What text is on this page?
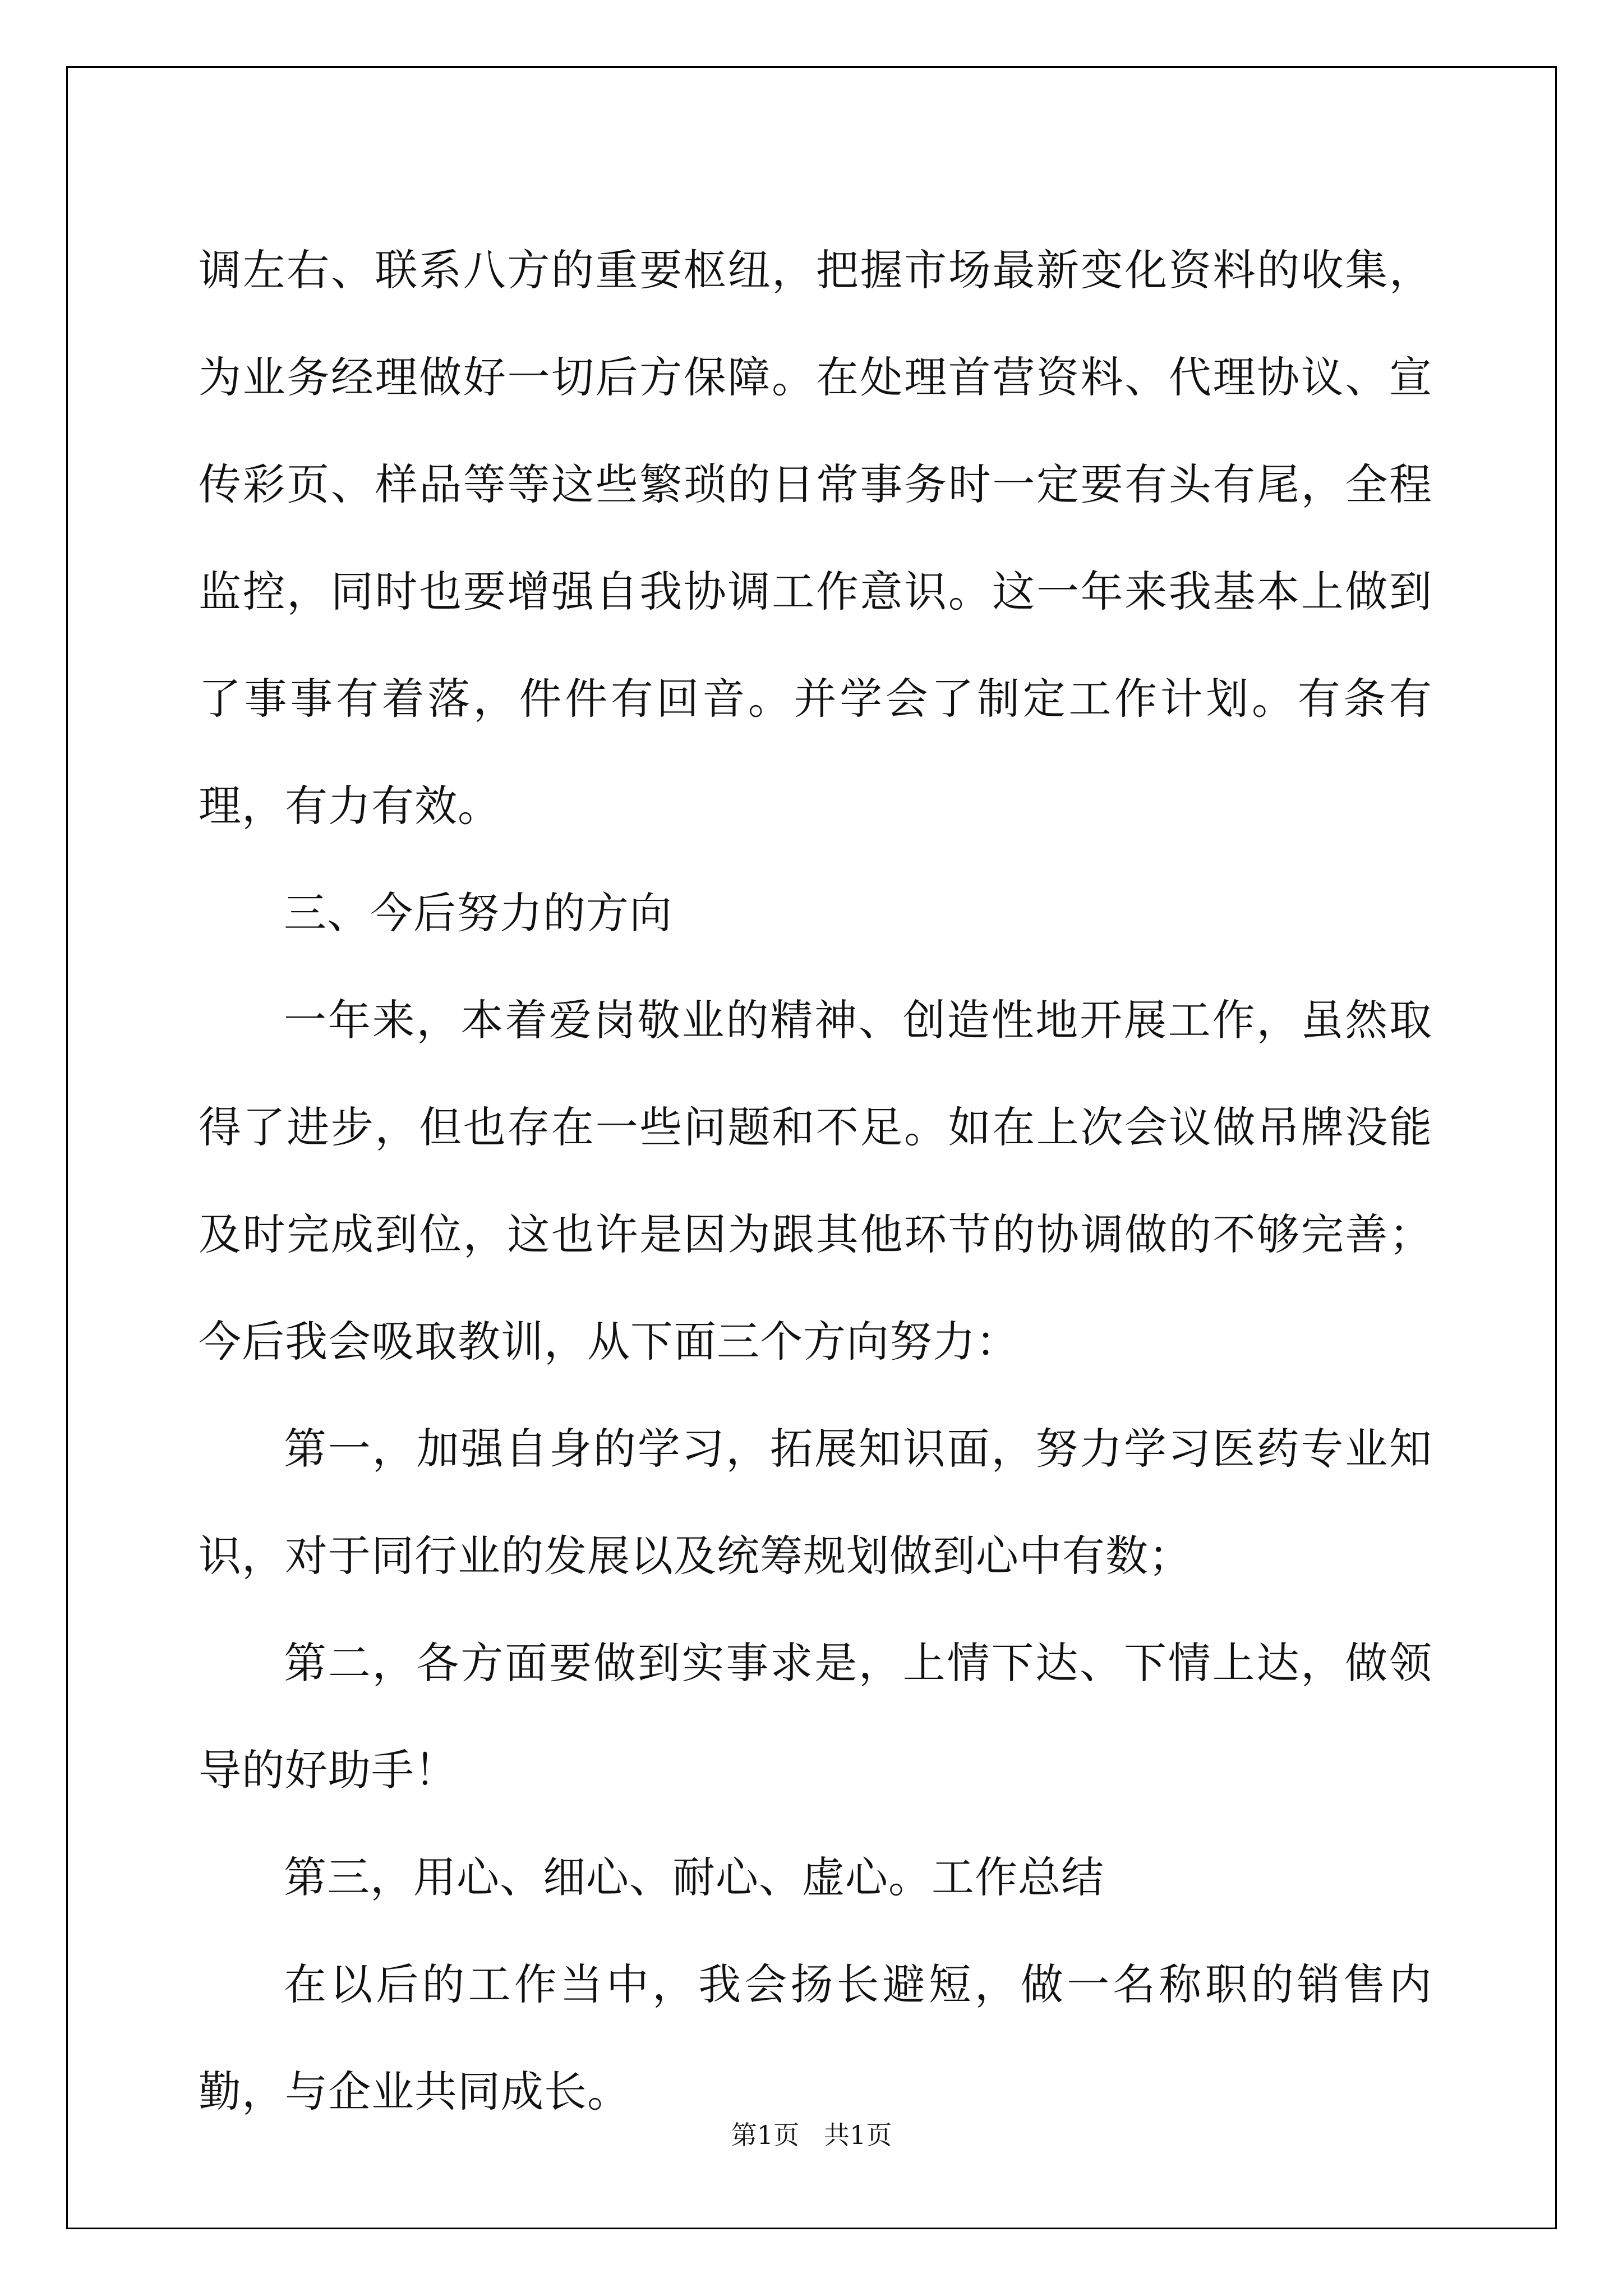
调左右、联系八方的重要枢纽，把握市场最新变化资料的收集，为业务经理做好一切后方保障。在处理首营资料、代理协议、宣传彩页、样品等等这些繁琐的日常事务时一定要有头有尾，全程监控，同时也要增强自我协调工作意识。这一年来我基本上做到了事事有着落，件件有回音。并学会了制定工作计划。有条有理，有力有效。

三、今后努力的方向

一年来，本着爱岗敬业的精神、创造性地开展工作，虽然取得了进步，但也存在一些问题和不足。如在上次会议做吊牌没能及时完成到位，这也许是因为跟其他环节的协调做的不够完善；今后我会吸取教训，从下面三个方向努力：

第一，加强自身的学习，拓展知识面，努力学习医药专业知识，对于同行业的发展以及统筹规划做到心中有数；

第二，各方面要做到实事求是，上情下达、下情上达，做领导的好助手！

第三，用心、细心、耐心、虚心。工作总结

在以后的工作当中，我会扬长避短，做一名称职的销售内勤，与企业共同成长。

第1页 共1页
